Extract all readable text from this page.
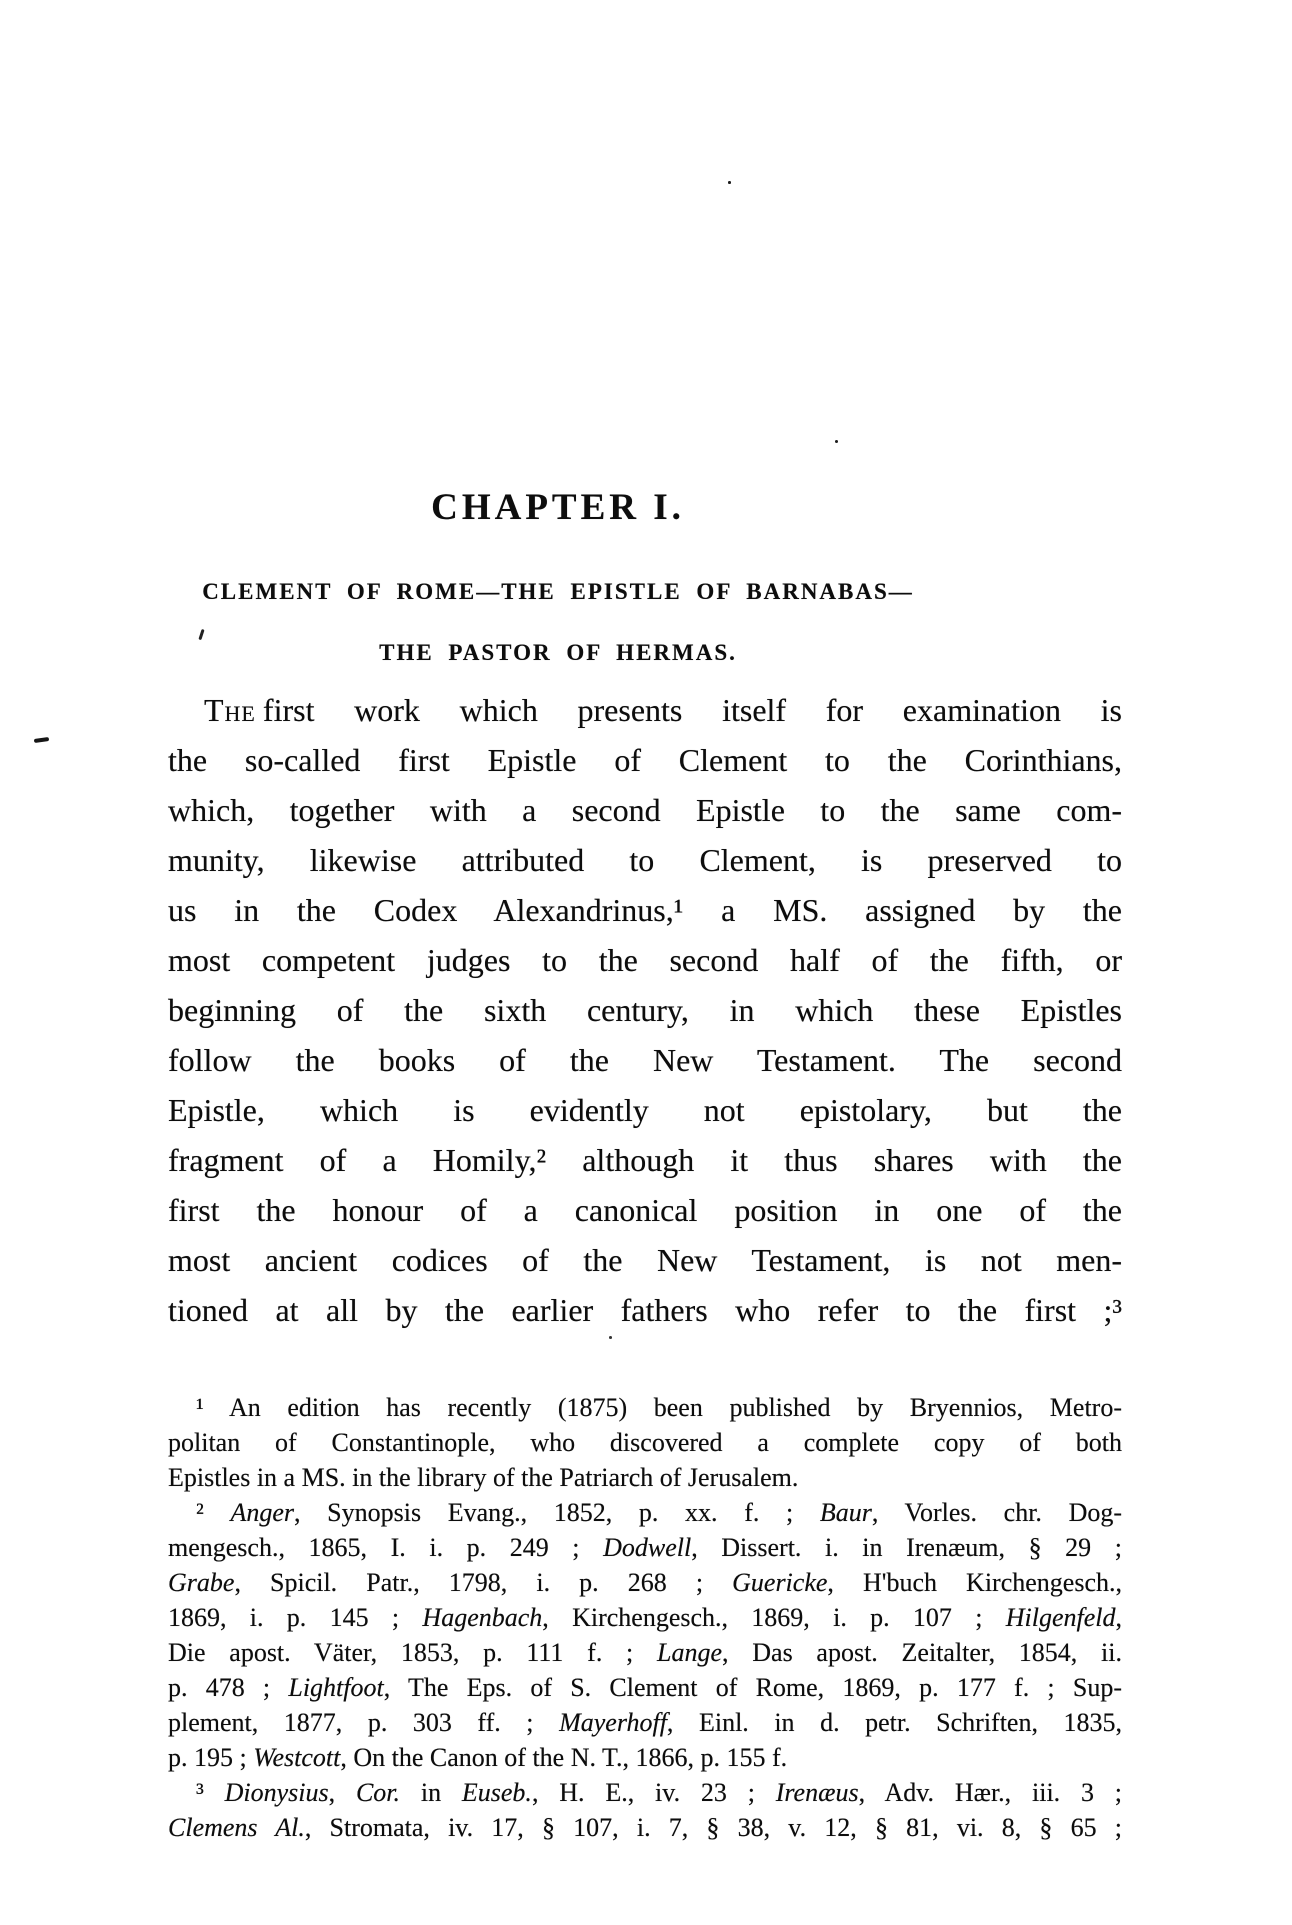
CHAPTER I.
CLEMENT OF ROME—THE EPISTLE OF BARNABAS—
THE PASTOR OF HERMAS.
The first work which presents itself for examination is
the so-called first Epistle of Clement to the Corinthians,
which, together with a second Epistle to the same com-
munity, likewise attributed to Clement, is preserved to
us in the Codex Alexandrinus,¹ a MS. assigned by the
most competent judges to the second half of the fifth, or
beginning of the sixth century, in which these Epistles
follow the books of the New Testament. The second
Epistle, which is evidently not epistolary, but the
fragment of a Homily,² although it thus shares with the
first the honour of a canonical position in one of the
most ancient codices of the New Testament, is not men-
tioned at all by the earlier fathers who refer to the first ;³
¹ An edition has recently (1875) been published by Bryennios, Metro-
politan of Constantinople, who discovered a complete copy of both
Epistles in a MS. in the library of the Patriarch of Jerusalem.
² Anger, Synopsis Evang., 1852, p. xx. f. ; Baur, Vorles. chr. Dog-
mengesch., 1865, I. i. p. 249 ; Dodwell, Dissert. i. in Irenæum, § 29 ;
Grabe, Spicil. Patr., 1798, i. p. 268 ; Guericke, H'buch Kirchengesch.,
1869, i. p. 145 ; Hagenbach, Kirchengesch., 1869, i. p. 107 ; Hilgenfeld,
Die apost. Väter, 1853, p. 111 f. ; Lange, Das apost. Zeitalter, 1854, ii.
p. 478 ; Lightfoot, The Eps. of S. Clement of Rome, 1869, p. 177 f. ; Sup-
plement, 1877, p. 303 ff. ; Mayerhoff, Einl. in d. petr. Schriften, 1835,
p. 195 ; Westcott, On the Canon of the N. T., 1866, p. 155 f.
³ Dionysius, Cor. in Euseb., H. E., iv. 23 ; Irenæus, Adv. Hær., iii. 3 ;
Clemens Al., Stromata, iv. 17, § 107, i. 7, § 38, v. 12, § 81, vi. 8, § 65 ;
